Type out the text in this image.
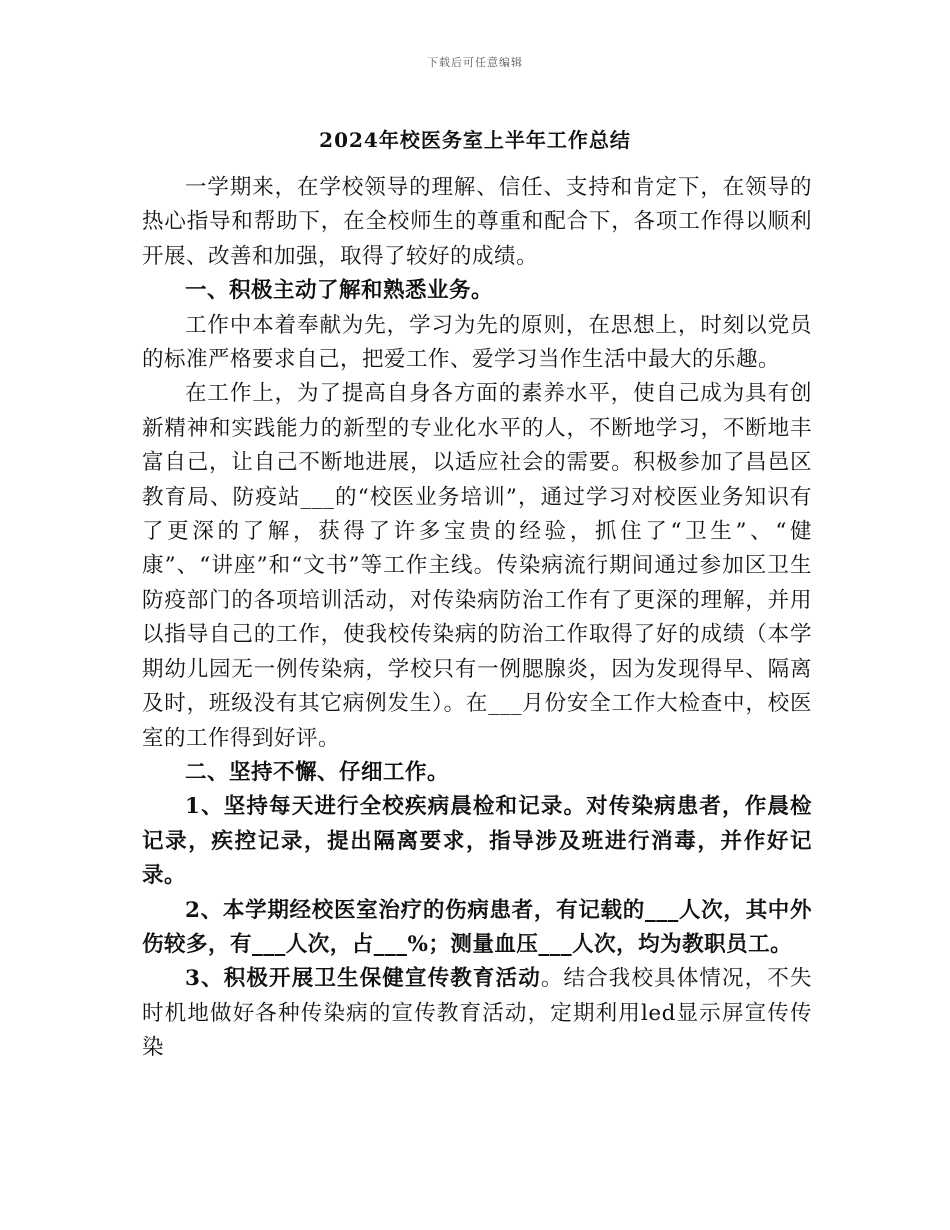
下载后可任意编辑
2024年校医务室上半年工作总结

一学期来，在学校领导的理解、信任、支持和肯定下，在领导的热心指导和帮助下，在全校师生的尊重和配合下，各项工作得以顺利开展、改善和加强，取得了较好的成绩。

一、积极主动了解和熟悉业务。

工作中本着奉献为先，学习为先的原则，在思想上，时刻以党员的标准严格要求自己，把爱工作、爱学习当作生活中最大的乐趣。

在工作上，为了提高自身各方面的素养水平，使自己成为具有创新精神和实践能力的新型的专业化水平的人，不断地学习，不断地丰富自己，让自己不断地进展，以适应社会的需要。积极参加了昌邑区教育局、防疫站___的“校医业务培训”，通过学习对校医业务知识有了更深的了解，获得了许多宝贵的经验，抓住了“卫生”、“健康”、“讲座”和“文书”等工作主线。传染病流行期间通过参加区卫生防疫部门的各项培训活动，对传染病防治工作有了更深的理解，并用以指导自己的工作，使我校传染病的防治工作取得了好的成绩（本学期幼儿园无一例传染病，学校只有一例腮腺炎，因为发现得早、隔离及时，班级没有其它病例发生）。在___月份安全工作大检查中，校医室的工作得到好评。

二、坚持不懈、仔细工作。

1、坚持每天进行全校疾病晨检和记录。对传染病患者，作晨检记录，疾控记录，提出隔离要求，指导涉及班进行消毒，并作好记录。

2、本学期经校医室治疗的伤病患者，有记载的___人次，其中外伤较多，有___人次，占___%；测量血压___人次，均为教职员工。

3、积极开展卫生保健宣传教育活动。结合我校具体情况，不失时机地做好各种传染病的宣传教育活动，定期利用led显示屏宣传传染
